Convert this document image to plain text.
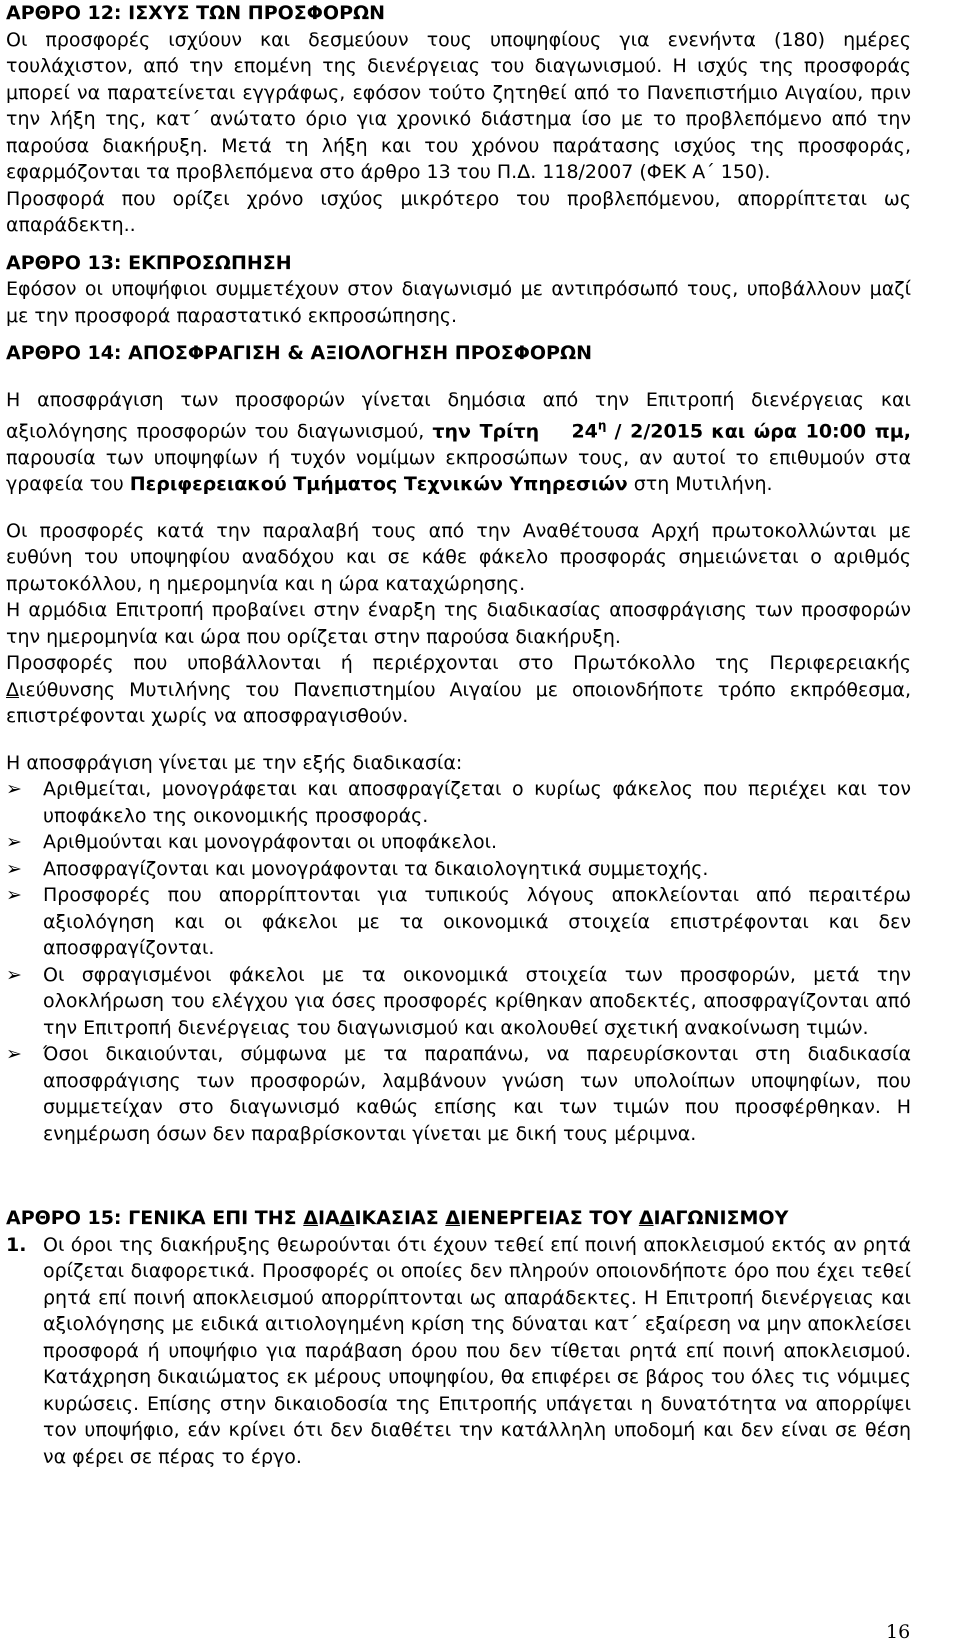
ΑΡΘΡΟ 12: ΙΣΧΥΣ ΤΩΝ ΠΡΟΣΦΟΡΩΝ

Οι προσφορές ισχύουν και δεσμεύουν τους υποψηφίους για ενενήντα (180) ημέρες τουλάχιστον, από την επομένη της διενέργειας του διαγωνισμού. Η ισχύς της προσφοράς μπορεί να παρατείνεται εγγράφως, εφόσον τούτο ζητηθεί από το Πανεπιστήμιο Αιγαίου, πριν την λήξη της, κατ΄ ανώτατο όριο για χρονικό διάστημα ίσο με το προβλεπόμενο από την παρούσα διακήρυξη. Μετά τη λήξη και του χρόνου παράτασης ισχύος της προσφοράς, εφαρμόζονται τα προβλεπόμενα στο άρθρο 13 του Π.Δ. 118/2007 (ΦΕΚ Α΄ 150).

Προσφορά που ορίζει χρόνο ισχύος μικρότερο του προβλεπόμενου, απορρίπτεται ως απαράδεκτη..

ΑΡΘΡΟ 13: ΕΚΠΡΟΣΩΠΗΣΗ

Εφόσον οι υποψήφιοι συμμετέχουν στον διαγωνισμό με αντιπρόσωπό τους, υποβάλλουν μαζί με την προσφορά παραστατικό εκπροσώπησης.

ΑΡΘΡΟ 14: ΑΠΟΣΦΡΑΓΙΣΗ & ΑΞΙΟΛΟΓΗΣΗ ΠΡΟΣΦΟΡΩΝ

Η αποσφράγιση των προσφορών γίνεται δημόσια από την Επιτροπή διενέργειας και αξιολόγησης προσφορών του διαγωνισμού, την Τρίτη $24^\eta / 2/2015$ και ώρα 10:00 πμ, παρουσία των υποψηφίων ή τυχόν νομίμων εκπροσώπων τους, αν αυτοί το επιθυμούν στα γραφεία του Περιφερειακού Τμήματος Τεχνικών Υπηρεσιών στη Μυτιλήνη.

Οι προσφορές κατά την παραλαβή τους από την Αναθέτουσα Αρχή πρωτοκολλώνται με ευθύνη του υποψηφίου αναδόχου και σε κάθε φάκελο προσφοράς σημειώνεται ο αριθμός πρωτοκόλλου, η ημερομηνία και η ώρα καταχώρησης.

Η αρμόδια Επιτροπή προβαίνει στην έναρξη της διαδικασίας αποσφράγισης των προσφορών την ημερομηνία και ώρα που ορίζεται στην παρούσα διακήρυξη.

Προσφορές που υποβάλλονται ή περιέρχονται στο Πρωτόκολλο της Περιφερειακής Διεύθυνσης Μυτιλήνης του Πανεπιστημίου Αιγαίου με οποιονδήποτε τρόπο εκπρόθεσμα, επιστρέφονται χωρίς να αποσφραγισθούν.

Η αποσφράγιση γίνεται με την εξής διαδικασία:

➢	Αριθμείται, μονογράφεται και αποσφραγίζεται ο κυρίως φάκελος που περιέχει και τον υποφάκελο της οικονομικής προσφοράς.
➢	Αριθμούνται και μονογράφονται οι υποφάκελοι.
➢	Αποσφραγίζονται και μονογράφονται τα δικαιολογητικά συμμετοχής.
➢	Προσφορές που απορρίπτονται για τυπικούς λόγους αποκλείονται από περαιτέρω αξιολόγηση και οι φάκελοι με τα οικονομικά στοιχεία επιστρέφονται και δεν αποσφραγίζονται.
➢	Οι σφραγισμένοι φάκελοι με τα οικονομικά στοιχεία των προσφορών, μετά την ολοκλήρωση του ελέγχου για όσες προσφορές κρίθηκαν αποδεκτές, αποσφραγίζονται από την Επιτροπή διενέργειας του διαγωνισμού και ακολουθεί σχετική ανακοίνωση τιμών.
➢	Όσοι δικαιούνται, σύμφωνα με τα παραπάνω, να παρευρίσκονται στη διαδικασία αποσφράγισης των προσφορών, λαμβάνουν γνώση των υπολοίπων υποψηφίων, που συμμετείχαν στο διαγωνισμό καθώς επίσης και των τιμών που προσφέρθηκαν. Η ενημέρωση όσων δεν παραβρίσκονται γίνεται με δική τους μέριμνα.

ΑΡΘΡΟ 15: ΓΕΝΙΚΑ ΕΠΙ ΤΗΣ ΔΙΑΔΙΚΑΣΙΑΣ ΔΙΕΝΕΡΓΕΙΑΣ ΤΟΥ ΔΙΑΓΩΝΙΣΜΟΥ

1. Οι όροι της διακήρυξης θεωρούνται ότι έχουν τεθεί επί ποινή αποκλεισμού εκτός αν ρητά ορίζεται διαφορετικά. Προσφορές οι οποίες δεν πληρούν οποιονδήποτε όρο που έχει τεθεί ρητά επί ποινή αποκλεισμού απορρίπτονται ως απαράδεκτες. Η Επιτροπή διενέργειας και αξιολόγησης με ειδικά αιτιολογημένη κρίση της δύναται κατ΄ εξαίρεση να μην αποκλείσει προσφορά ή υποψήφιο για παράβαση όρου που δεν τίθεται ρητά επί ποινή αποκλεισμού. Κατάχρηση δικαιώματος εκ μέρους υποψηφίου, θα επιφέρει σε βάρος του όλες τις νόμιμες κυρώσεις. Επίσης στην δικαιοδοσία της Επιτροπής υπάγεται η δυνατότητα να απορρίψει τον υποψήφιο, εάν κρίνει ότι δεν διαθέτει την κατάλληλη υποδομή και δεν είναι σε θέση να φέρει σε πέρας το έργο.
16
